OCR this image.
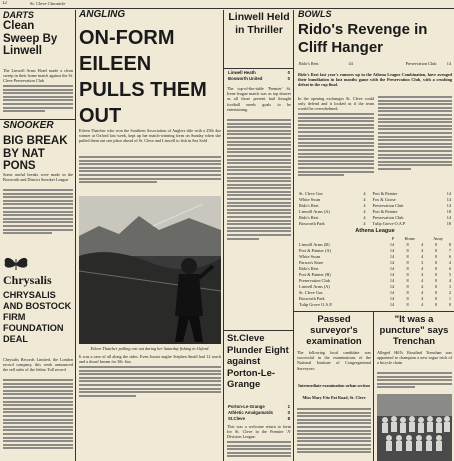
12	St. Cleve Chronicle
DARTS
Clean Sweep By Linwell
The Linwell Arms Hotel made a clean sweep in their home match against the St. Cleve Preservation Club
SNOOKER
BIG BREAK BY NAT PONS
Some useful breaks were made in the Bosworth and District Snooker League
Chrysalis
CHRYSALIS AND BOSTOCK FIRM FOUNDATION DEAL
Chrysalis Records Limited, the London record company, this week announced the sell sales of the Jethro Tull record
ANGLING
ON-FORM EILEEN PULLS THEM OUT
Eileen Thatcher who won the Southern Association of Anglers title with a 25lb 4oz winner at Oxford last week, kept up her match-winning form on Sunday when she pulled them out one place ahead of St. Cleve and Linwell to fish in Sea Sold
Eileen Thatcher pulling one out during her Saturday fishing in Oxford.
It was a case of all along the sides. Even Junior angler Stephen Small had 12 roach and a dwarf bream for 3lb. 6oz.
Linwell Held in Thriller
Linwell Heath	0
Bosworth United	0
The top-of-the-table 'Premier' St. Irene league match was as top drawer as all those present had thought football needs goals to be entertaining.
St.Cleve Plunder Eight against Porton-Le-Grange
Porton-Le-Grange	1
Athletic Amalgamatds	0
St.Cleve	8
This was a welcome return to form for St. Cleve in the Premier 'A' Division League.
BOWLS
Rido's Revenge in Cliff Hanger
Rido's Rest	44	Preservation Club	14
Rido's Rest last year's runners up in the Athena League Combination, have avenged their humiliation in last months game with the Preservation Club, with a crushing defeat in the cup final.
In the opening exchanges St. Cleve could only defend and it looked as if the team would be overwhelmed.
St. Cleve Gas	4	Port & Painter	14
White Swan	4	Fox & Goose	14
Rido's Rest	4	Preservation Club	14
Linwell Arms (A)	4	Port & Painter	18
Rido's Rest	4	Preservation Club	14
Bosworth Park	4	Tulip Grove O.A.P	18
Athena League
	P	Home		Away	
Linwell Arms (B)	14	8	4	0	8
Port & Painter (A)	14	8	4	0	7
White Swan	14	8	4	0	6
Parson's Knee	14	8	3	0	4
Rido's Rest	14	8	4	0	6
Port & Painter (B)	14	8	4	0	5
Preservation Club	14	8	4	0	4
Linwell Arms (A)	14	8	4	0	3
St. Cleve Gas	14	8	4	0	2
Bosworth Park	14	8	4	0	1
Tulip Grove O.A.P.	14	8	4	0	0
Passed surveyor's examination
The following local candidate was successful in the examinations of the National Institute of Congregational Surveyors:
Intermediate examination urban section
Miss Mary Fitz Pat Road, St. Cleve
"It was a puncture" says Trenchan
Alleged Hill's Rosalind Trenchan was appointed to champion a new rogue trick of a bicycle chain
